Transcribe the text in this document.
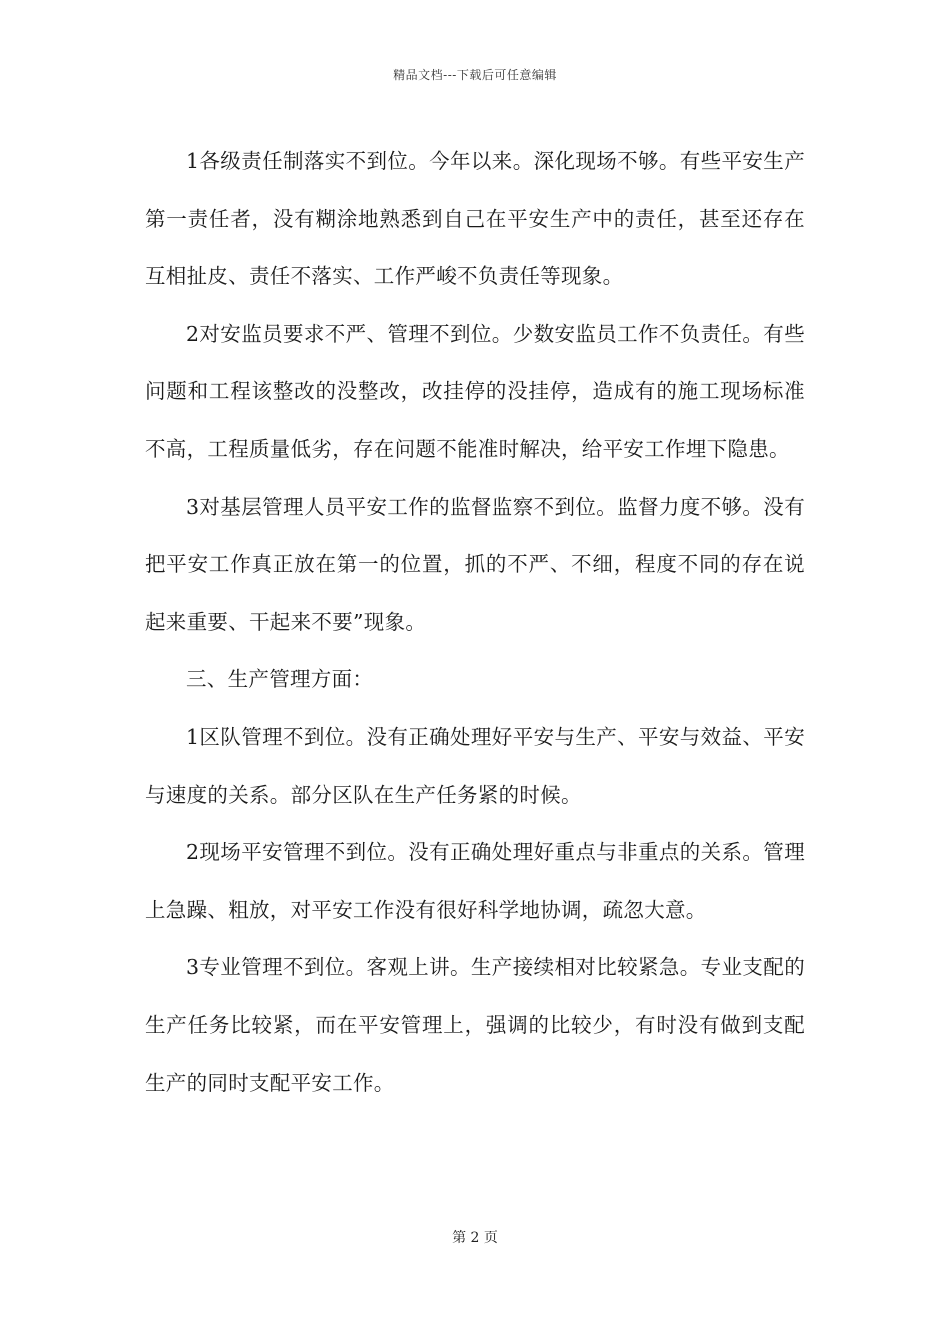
精品文档---下载后可任意编辑

1各级责任制落实不到位。今年以来。深化现场不够。有些平安生产第一责任者，没有糊涂地熟悉到自己在平安生产中的责任，甚至还存在互相扯皮、责任不落实、工作严峻不负责任等现象。

2对安监员要求不严、管理不到位。少数安监员工作不负责任。有些问题和工程该整改的没整改，改挂停的没挂停，造成有的施工现场标准不高，工程质量低劣，存在问题不能准时解决，给平安工作埋下隐患。

3对基层管理人员平安工作的监督监察不到位。监督力度不够。没有把平安工作真正放在第一的位置，抓的不严、不细，程度不同的存在说起来重要、干起来不要”现象。

三、生产管理方面：

1区队管理不到位。没有正确处理好平安与生产、平安与效益、平安与速度的关系。部分区队在生产任务紧的时候。

2现场平安管理不到位。没有正确处理好重点与非重点的关系。管理上急躁、粗放，对平安工作没有很好科学地协调，疏忽大意。

3专业管理不到位。客观上讲。生产接续相对比较紧急。专业支配的生产任务比较紧，而在平安管理上，强调的比较少，有时没有做到支配生产的同时支配平安工作。

第 2 页
